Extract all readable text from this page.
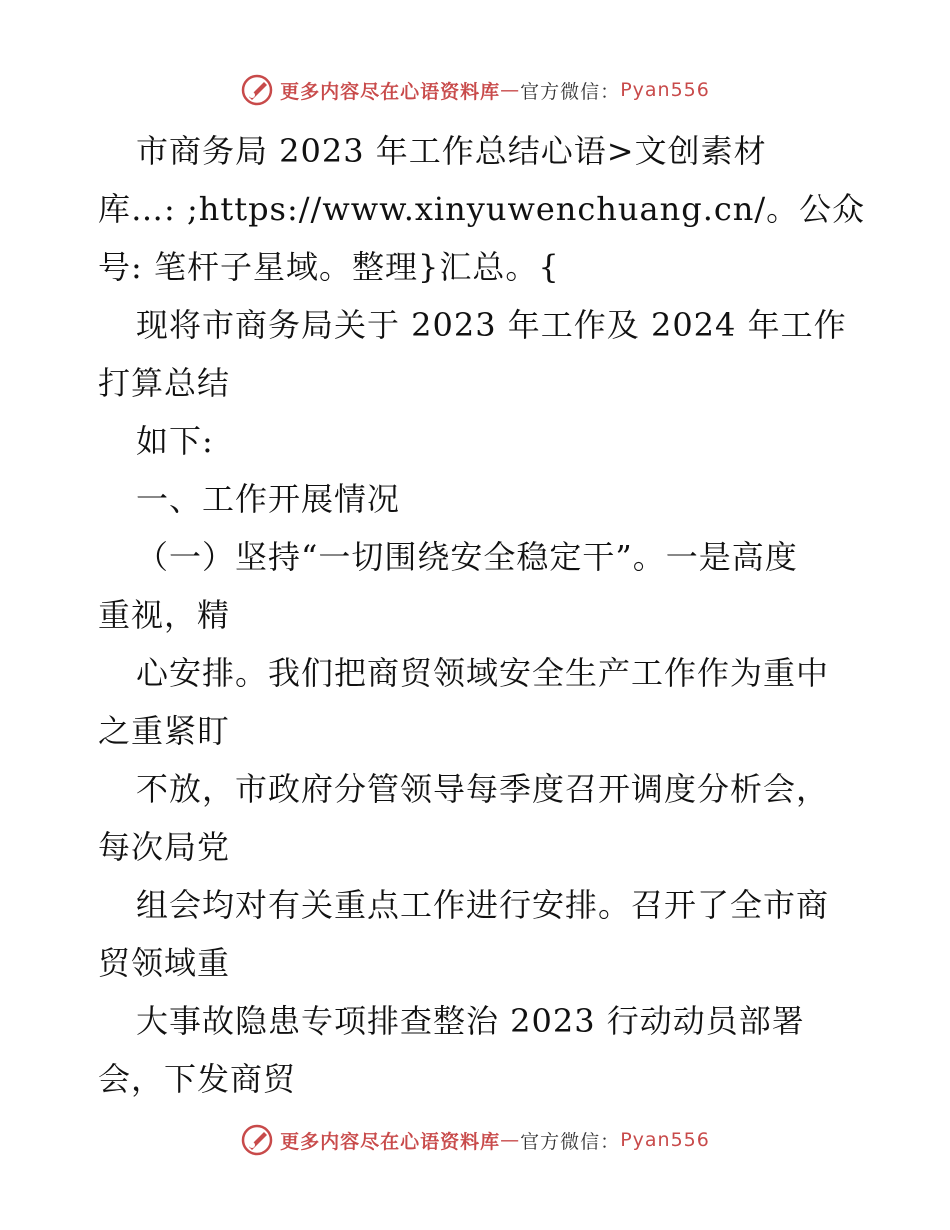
更多内容尽在心语资料库 — 官方微信： Pyan556
市商务局 2023 年工作总结心语>文创素材
库…: ;https://www.xinyuwenchuang.cn/。公众
号: 笔杆子星域。整理}汇总。{
现将市商务局关于 2023 年工作及 2024 年工作
打算总结
如下:
一、工作开展情况
（一）坚持“一切围绕安全稳定干”。一是高度
重视，精
心安排。我们把商贸领域安全生产工作作为重中
之重紧盯
不放，市政府分管领导每季度召开调度分析会，
每次局党
组会均对有关重点工作进行安排。召开了全市商
贸领域重
大事故隐患专项排查整治 2023 行动动员部署
会，下发商贸
更多内容尽在心语资料库 — 官方微信： Pyan556
